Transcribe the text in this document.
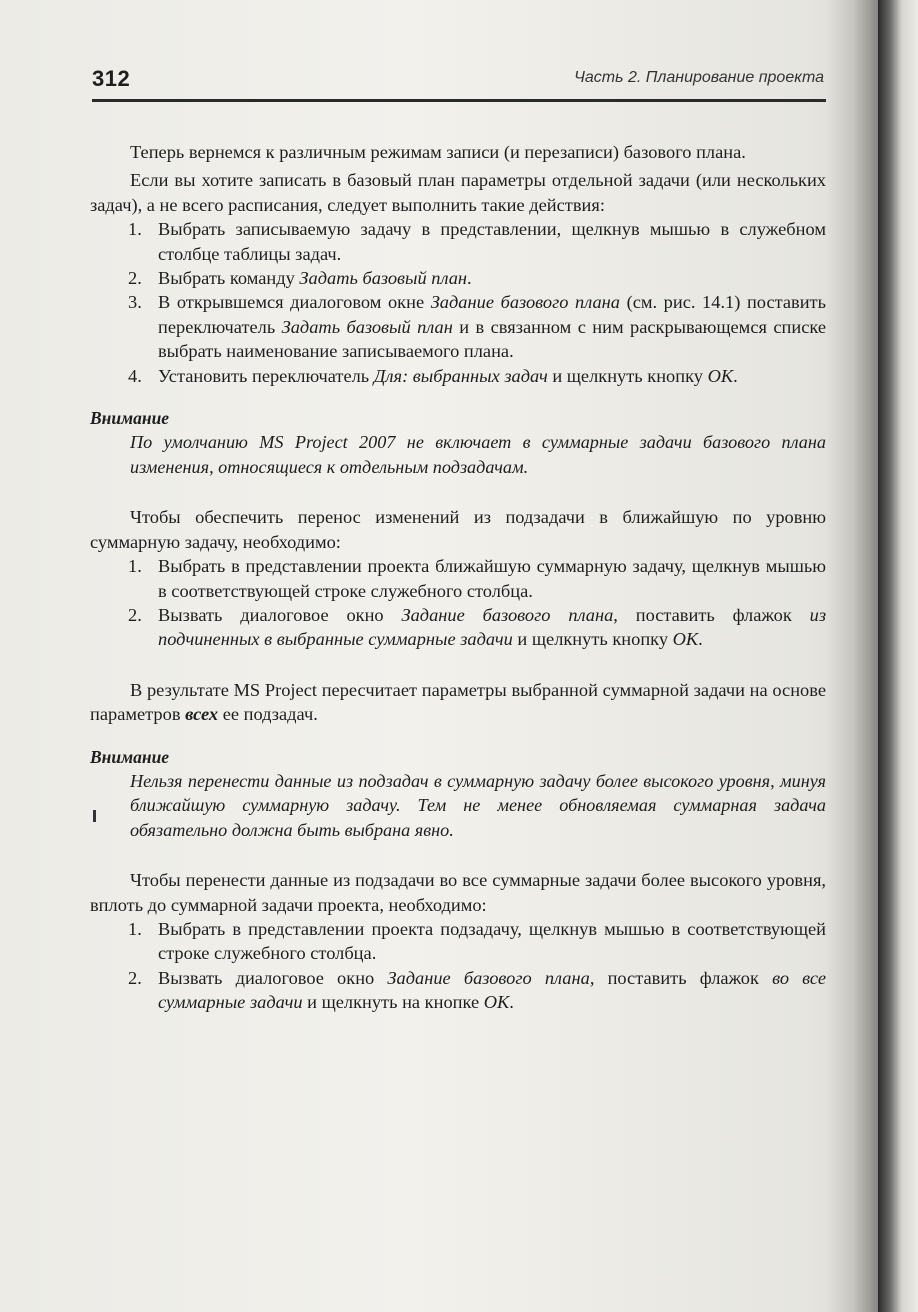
312	Часть 2. Планирование проекта

Теперь вернемся к различным режимам записи (и перезаписи) базового плана.

Если вы хотите записать в базовый план параметры отдельной задачи (или нескольких задач), а не всего расписания, следует выполнить такие действия:

1. Выбрать записываемую задачу в представлении, щелкнув мышью в служебном столбце таблицы задач.
2. Выбрать команду Задать базовый план.
3. В открывшемся диалоговом окне Задание базового плана (см. рис. 14.1) поставить переключатель Задать базовый план и в связанном с ним раскрывающемся списке выбрать наименование записываемого плана.
4. Установить переключатель Для: выбранных задач и щелкнуть кнопку ОК.

Внимание

По умолчанию MS Project 2007 не включает в суммарные задачи базового плана изменения, относящиеся к отдельным подзадачам.

Чтобы обеспечить перенос изменений из подзадачи в ближайшую по уровню суммарную задачу, необходимо:

1. Выбрать в представлении проекта ближайшую суммарную задачу, щелкнув мышью в соответствующей строке служебного столбца.
2. Вызвать диалоговое окно Задание базового плана, поставить флажок из подчиненных в выбранные суммарные задачи и щелкнуть кнопку ОК.

В результате MS Project пересчитает параметры выбранной суммарной задачи на основе параметров всех ее подзадач.

Внимание

Нельзя перенести данные из подзадач в суммарную задачу более высокого уровня, минуя ближайшую суммарную задачу. Тем не менее обновляемая суммарная задача обязательно должна быть выбрана явно.

Чтобы перенести данные из подзадачи во все суммарные задачи более высокого уровня, вплоть до суммарной задачи проекта, необходимо:

1. Выбрать в представлении проекта подзадачу, щелкнув мышью в соответствующей строке служебного столбца.
2. Вызвать диалоговое окно Задание базового плана, поставить флажок во все суммарные задачи и щелкнуть на кнопке ОК.
